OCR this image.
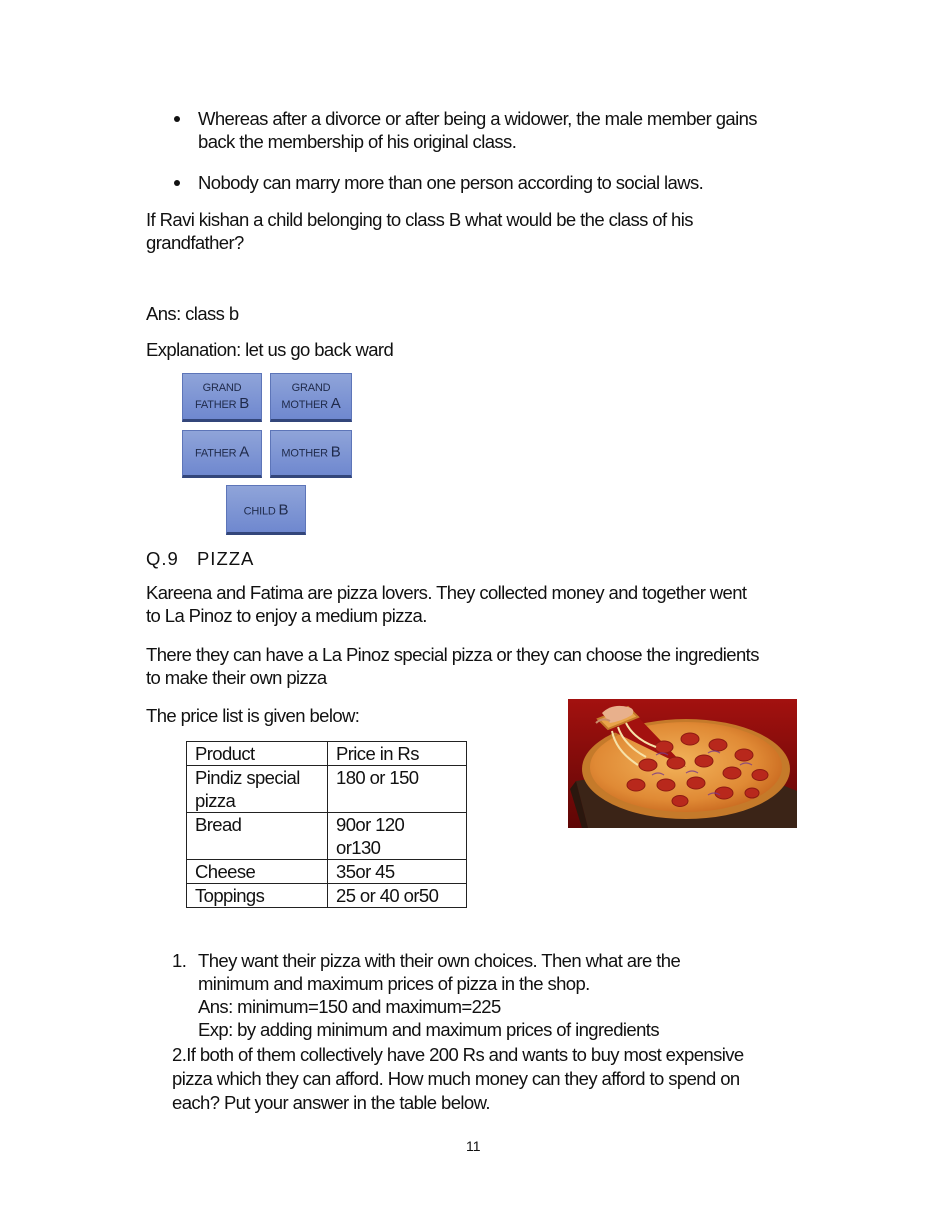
Whereas after a divorce or after being a widower, the male member gains
back the membership of his original class.
Nobody can marry more than one person according to social laws.
If Ravi kishan a child belonging to class B what would be the class of his
grandfather?
Ans: class b
Explanation: let us go back ward
GRAND
FATHER B
GRAND
MOTHER A
FATHER A	MOTHER B
CHILD B
Q.9 PIZZA
Kareena and Fatima are pizza lovers. They collected money and together went
to La Pinoz to enjoy a medium pizza.
There they can have a La Pinoz special pizza or they can choose the ingredients
to make their own pizza
The price list is given below:
Product	Price in Rs

Pindiz special
pizza	180 or 150

Bread	90or 120
or130

Cheese	35or 45

Toppings	25 or 40 or50
1. They want their pizza with their own choices. Then what are the
minimum and maximum prices of pizza in the shop.
Ans: minimum=150 and maximum=225
Exp: by adding minimum and maximum prices of ingredients
2.If both of them collectively have 200 Rs and wants to buy most expensive
pizza which they can afford. How much money can they afford to spend on
each? Put your answer in the table below.
11
